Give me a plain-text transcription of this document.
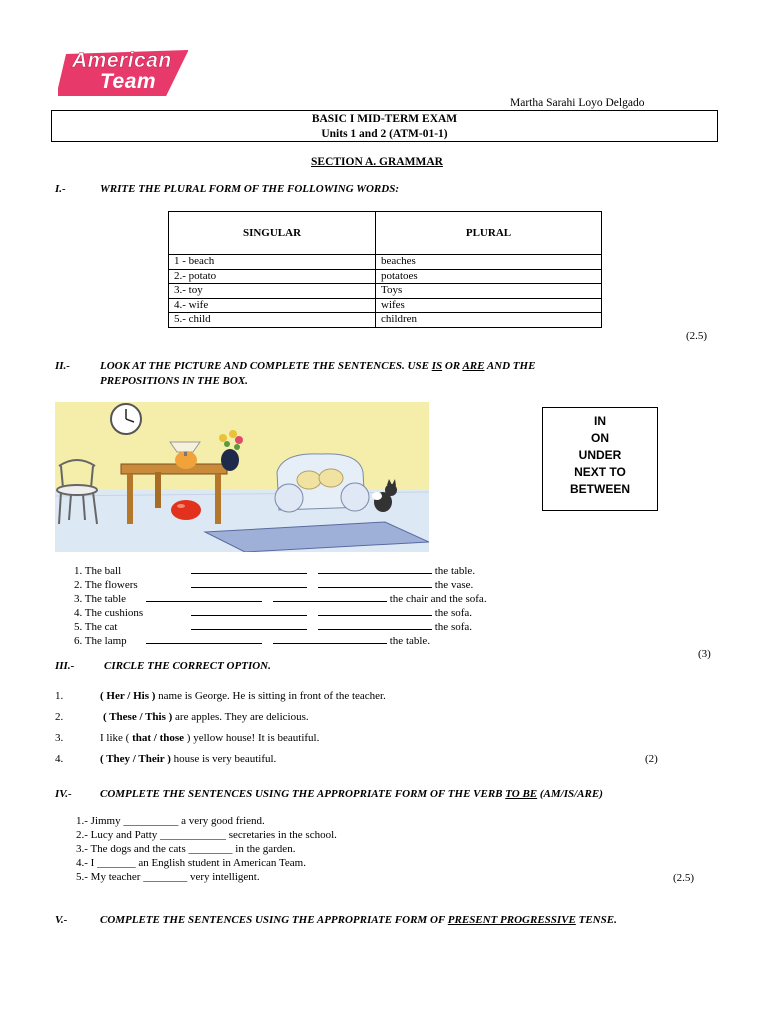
American
Team
Martha Sarahi Loyo Delgado
BASIC I MID-TERM EXAM
Units 1 and 2 (ATM-01-1)
SECTION A. GRAMMAR
I.-	WRITE THE PLURAL FORM OF THE FOLLOWING WORDS:
SINGULAR	PLURAL
1 - beach	beaches
2.- potato	potatoes
3.- toy	Toys
4.- wife	wifes
5.- child	children
(2.5)
II.-	LOOK AT THE PICTURE AND COMPLETE THE SENTENCES. USE IS OR ARE AND THE
PREPOSITIONS IN THE BOX.
IN
ON
UNDER
NEXT TO
BETWEEN
1. The ball	the table.
2. The flowers	the vase.
3. The table	the chair and the sofa.
4. The cushions	the sofa.
5. The cat	the sofa.
6. The lamp	the table.
(3)
III.-	CIRCLE THE CORRECT OPTION.
1.	( Her / His ) name is George. He is sitting in front of the teacher.
2.	( These / This ) are apples. They are delicious.
3.	I like ( that / those ) yellow house! It is beautiful.
4.	( They / Their ) house is very beautiful.	(2)
IV.-	COMPLETE THE SENTENCES USING THE APPROPRIATE FORM OF THE VERB TO BE (AM/IS/ARE)
1.- Jimmy __________ a very good friend.
2.- Lucy and Patty ____________ secretaries in the school.
3.- The dogs and the cats ________ in the garden.
4.- I _______ an English student in American Team.
5.- My teacher ________ very intelligent.	(2.5)
V.-	COMPLETE THE SENTENCES USING THE APPROPRIATE FORM OF PRESENT PROGRESSIVE TENSE.
